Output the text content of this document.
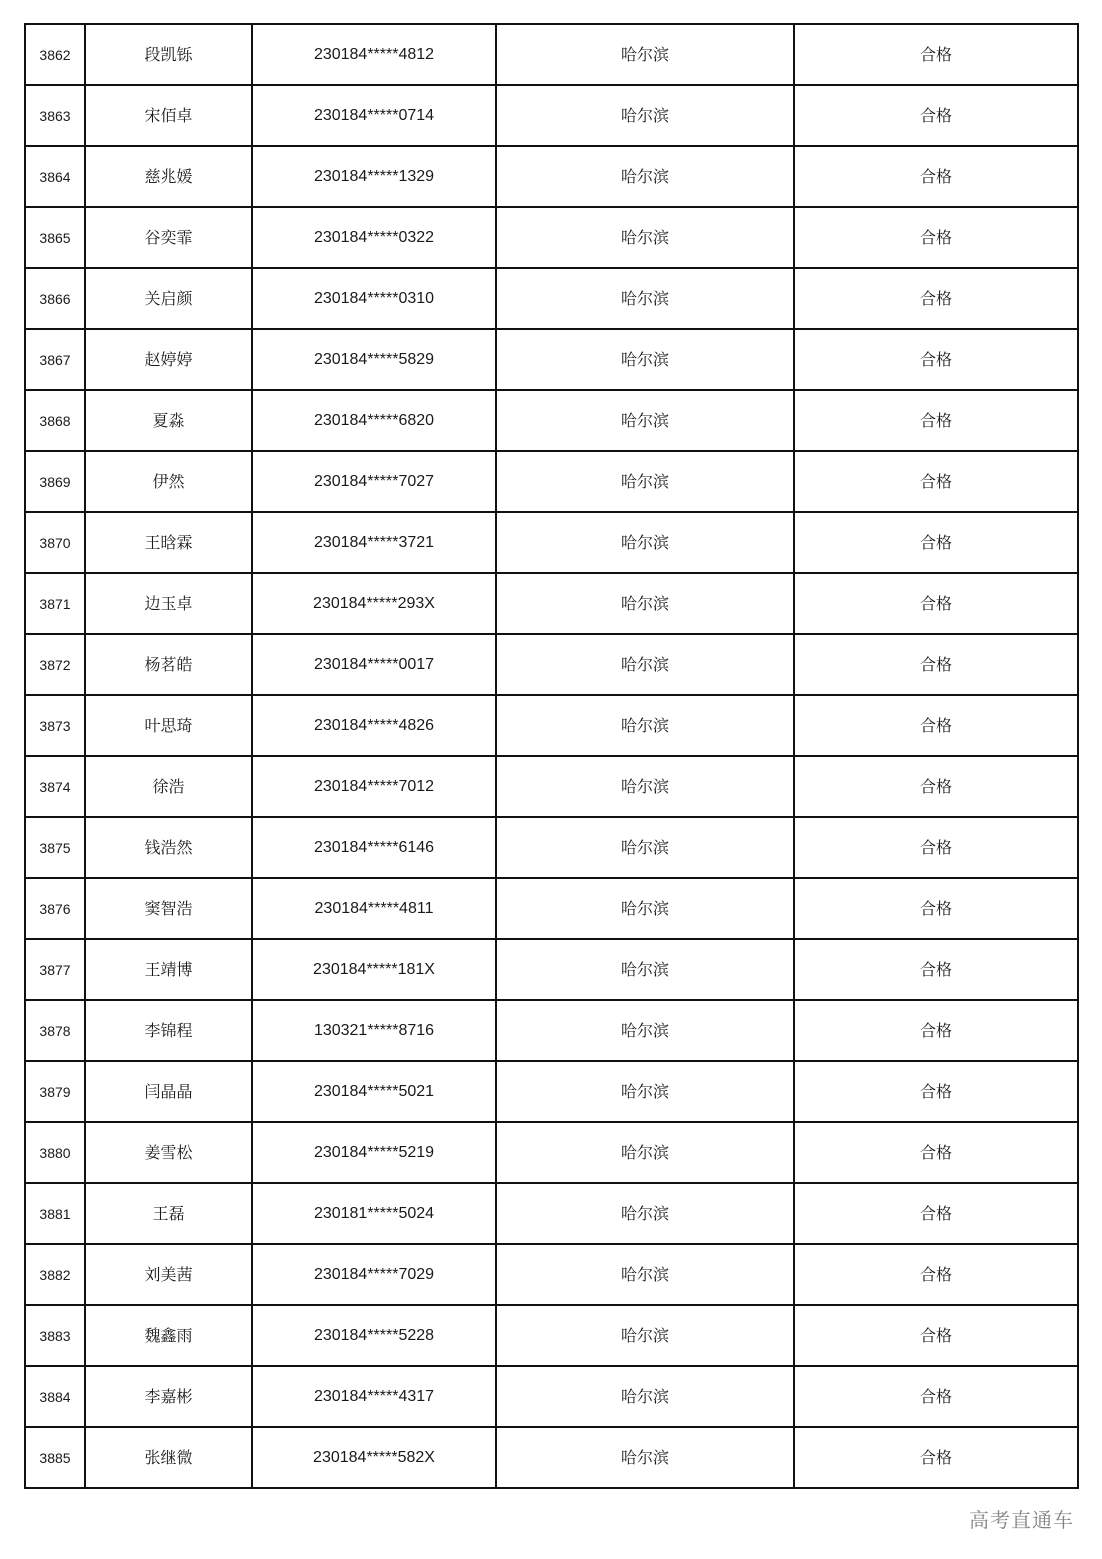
3862	段凯铄	230184*****4812	哈尔滨	合格
3863	宋佰卓	230184*****0714	哈尔滨	合格
3864	慈兆媛	230184*****1329	哈尔滨	合格
3865	谷奕霏	230184*****0322	哈尔滨	合格
3866	关启颜	230184*****0310	哈尔滨	合格
3867	赵婷婷	230184*****5829	哈尔滨	合格
3868	夏淼	230184*****6820	哈尔滨	合格
3869	伊然	230184*****7027	哈尔滨	合格
3870	王晗霖	230184*****3721	哈尔滨	合格
3871	边玉卓	230184*****293X	哈尔滨	合格
3872	杨茗皓	230184*****0017	哈尔滨	合格
3873	叶思琦	230184*****4826	哈尔滨	合格
3874	徐浩	230184*****7012	哈尔滨	合格
3875	钱浩然	230184*****6146	哈尔滨	合格
3876	窦智浩	230184*****4811	哈尔滨	合格
3877	王靖博	230184*****181X	哈尔滨	合格
3878	李锦程	130321*****8716	哈尔滨	合格
3879	闫晶晶	230184*****5021	哈尔滨	合格
3880	姜雪松	230184*****5219	哈尔滨	合格
3881	王磊	230181*****5024	哈尔滨	合格
3882	刘美茜	230184*****7029	哈尔滨	合格
3883	魏鑫雨	230184*****5228	哈尔滨	合格
3884	李嘉彬	230184*****4317	哈尔滨	合格
3885	张继微	230184*****582X	哈尔滨	合格
高考直通车
